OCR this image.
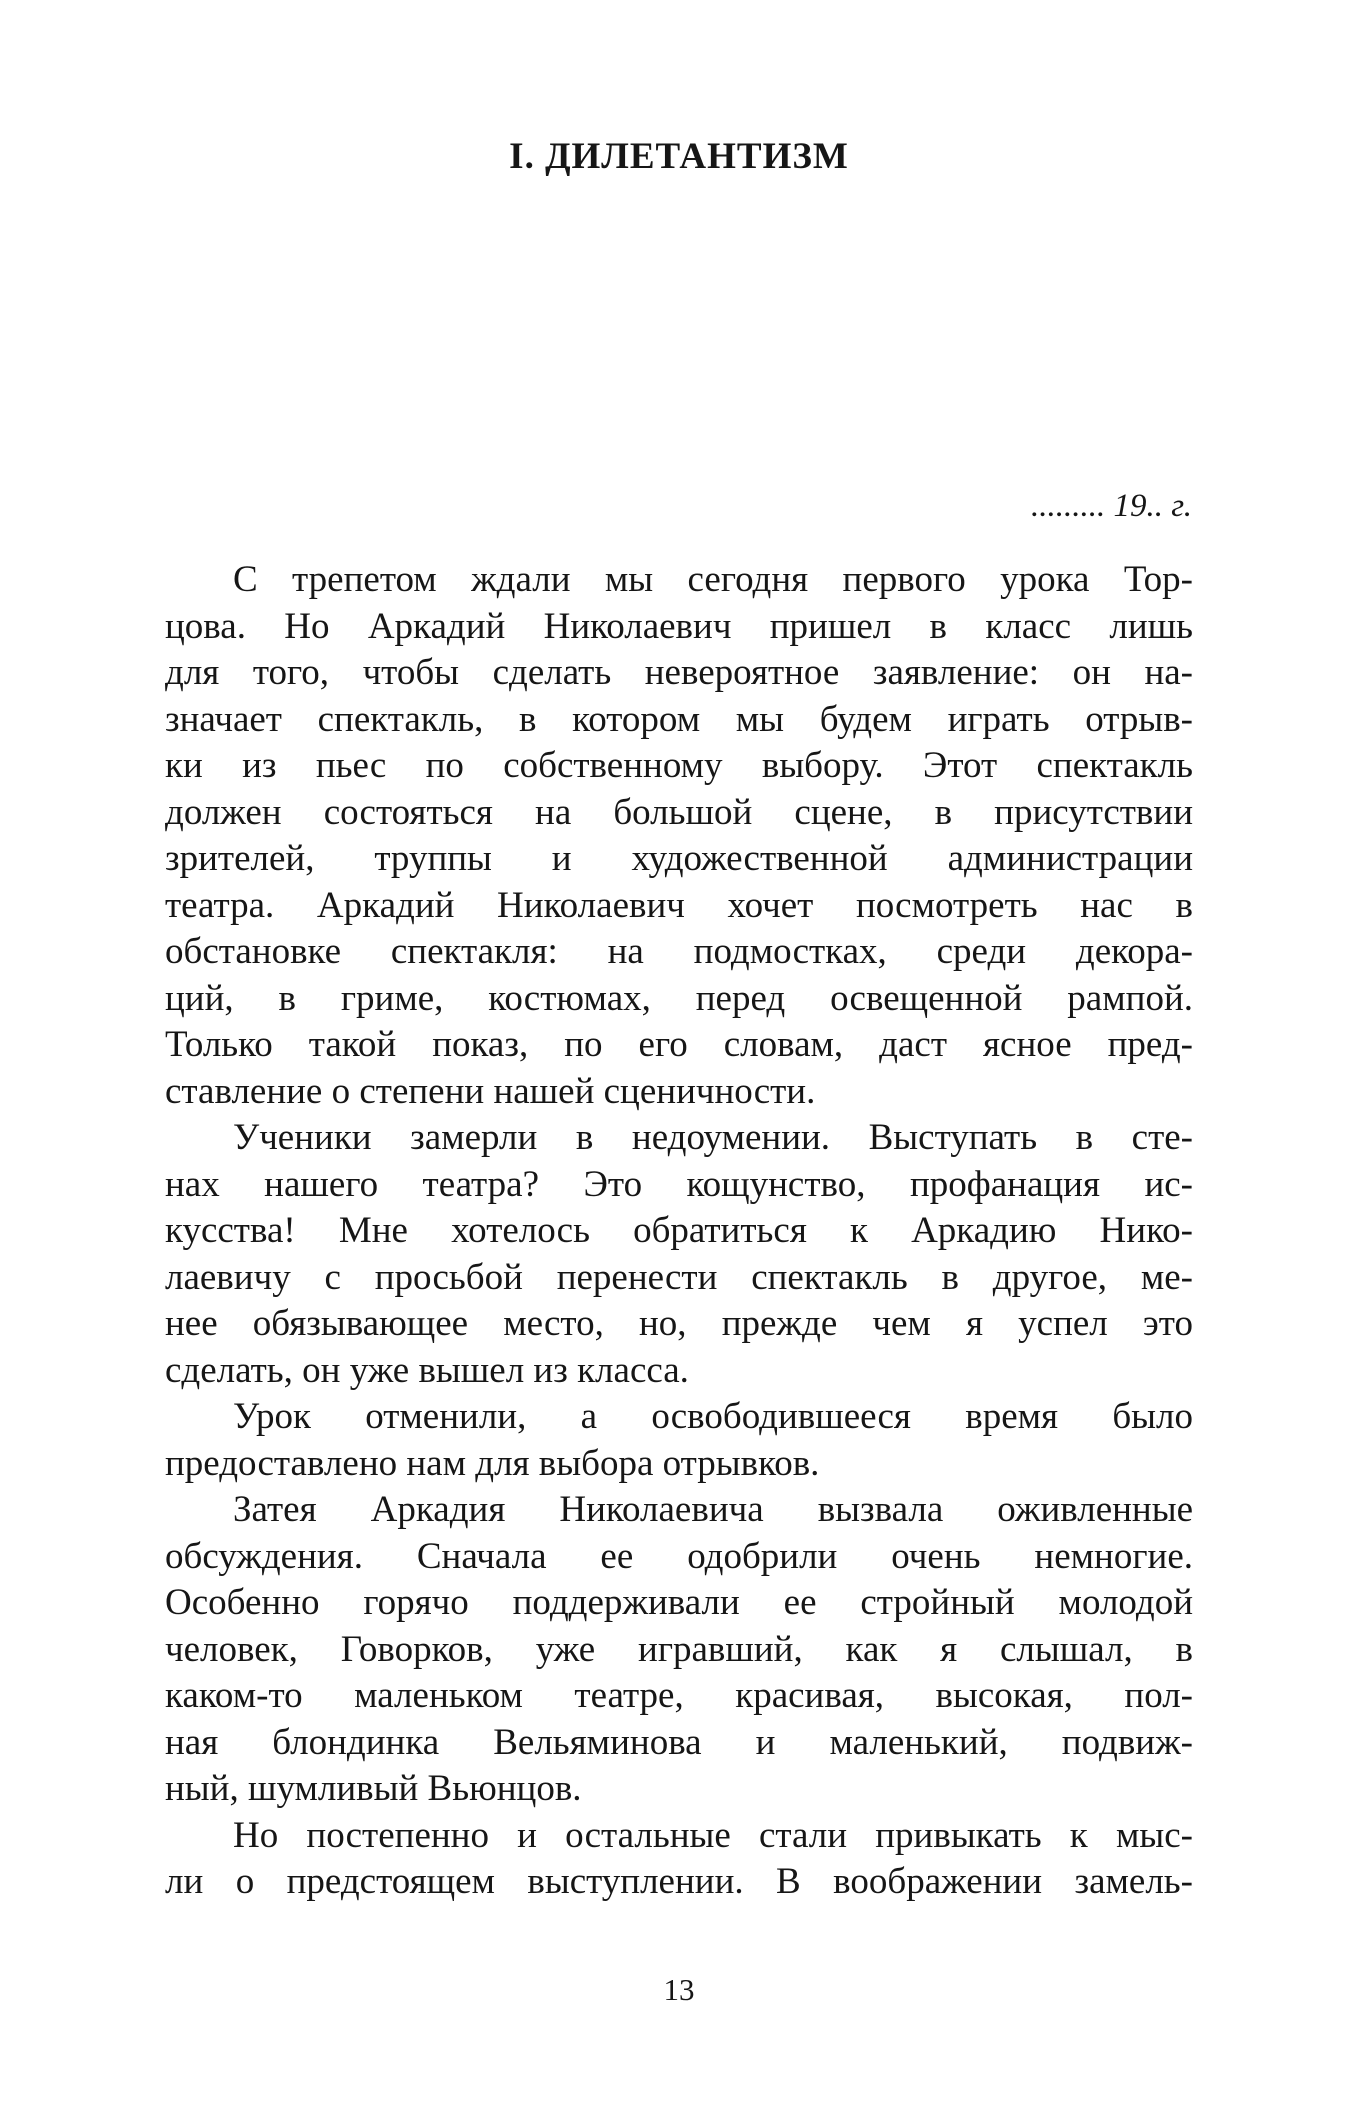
I. ДИЛЕТАНТИЗМ

......... 19.. г.

С трепетом ждали мы сегодня первого урока Тор-
цова. Но Аркадий Николаевич пришел в класс лишь
для того, чтобы сделать невероятное заявление: он на-
значает спектакль, в котором мы будем играть отрыв-
ки из пьес по собственному выбору. Этот спектакль
должен состояться на большой сцене, в присутствии
зрителей, труппы и художественной администрации
театра. Аркадий Николаевич хочет посмотреть нас в
обстановке спектакля: на подмостках, среди декора-
ций, в гриме, костюмах, перед освещенной рампой.
Только такой показ, по его словам, даст ясное пред-
ставление о степени нашей сценичности.
Ученики замерли в недоумении. Выступать в сте-
нах нашего театра? Это кощунство, профанация ис-
кусства! Мне хотелось обратиться к Аркадию Нико-
лаевичу с просьбой перенести спектакль в другое, ме-
нее обязывающее место, но, прежде чем я успел это
сделать, он уже вышел из класса.
Урок отменили, а освободившееся время было
предоставлено нам для выбора отрывков.
Затея Аркадия Николаевича вызвала оживленные
обсуждения. Сначала ее одобрили очень немногие.
Особенно горячо поддерживали ее стройный молодой
человек, Говорков, уже игравший, как я слышал, в
каком-то маленьком театре, красивая, высокая, пол-
ная блондинка Вельяминова и маленький, подвиж-
ный, шумливый Вьюнцов.
Но постепенно и остальные стали привыкать к мыс-
ли о предстоящем выступлении. В воображении замель-
13
